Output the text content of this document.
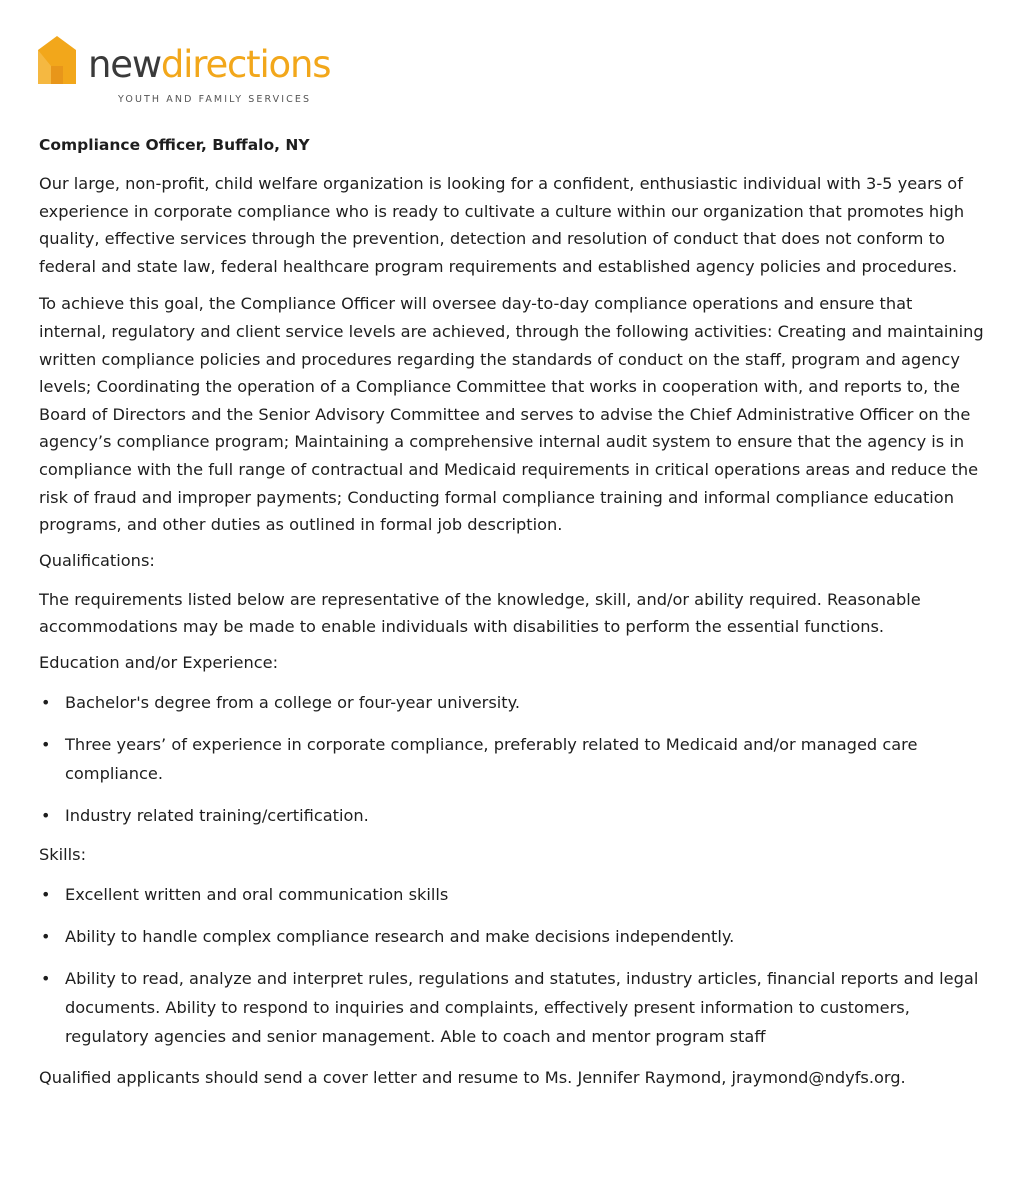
newdirections
YOUTH AND FAMILY SERVICES
Compliance Officer, Buffalo, NY

Our large, non-profit, child welfare organization is looking for a confident, enthusiastic individual with 3-5 years of experience in corporate compliance who is ready to cultivate a culture within our organization that promotes high quality, effective services through the prevention, detection and resolution of conduct that does not conform to federal and state law, federal healthcare program requirements and established agency policies and procedures.

To achieve this goal, the Compliance Officer will oversee day-to-day compliance operations and ensure that internal, regulatory and client service levels are achieved, through the following activities: Creating and maintaining written compliance policies and procedures regarding the standards of conduct on the staff, program and agency levels; Coordinating the operation of a Compliance Committee that works in cooperation with, and reports to, the Board of Directors and the Senior Advisory Committee and serves to advise the Chief Administrative Officer on the agency’s compliance program; Maintaining a comprehensive internal audit system to ensure that the agency is in compliance with the full range of contractual and Medicaid requirements in critical operations areas and reduce the risk of fraud and improper payments; Conducting formal compliance training and informal compliance education programs, and other duties as outlined in formal job description.

Qualifications:

The requirements listed below are representative of the knowledge, skill, and/or ability required. Reasonable accommodations may be made to enable individuals with disabilities to perform the essential functions.

Education and/or Experience:
• Bachelor's degree from a college or four-year university.
• Three years’ of experience in corporate compliance, preferably related to Medicaid and/or managed care compliance.
• Industry related training/certification.
Skills:
• Excellent written and oral communication skills
• Ability to handle complex compliance research and make decisions independently.
• Ability to read, analyze and interpret rules, regulations and statutes, industry articles, financial reports and legal documents. Ability to respond to inquiries and complaints, effectively present information to customers, regulatory agencies and senior management. Able to coach and mentor program staff

Qualified applicants should send a cover letter and resume to Ms. Jennifer Raymond, jraymond@ndyfs.org.
